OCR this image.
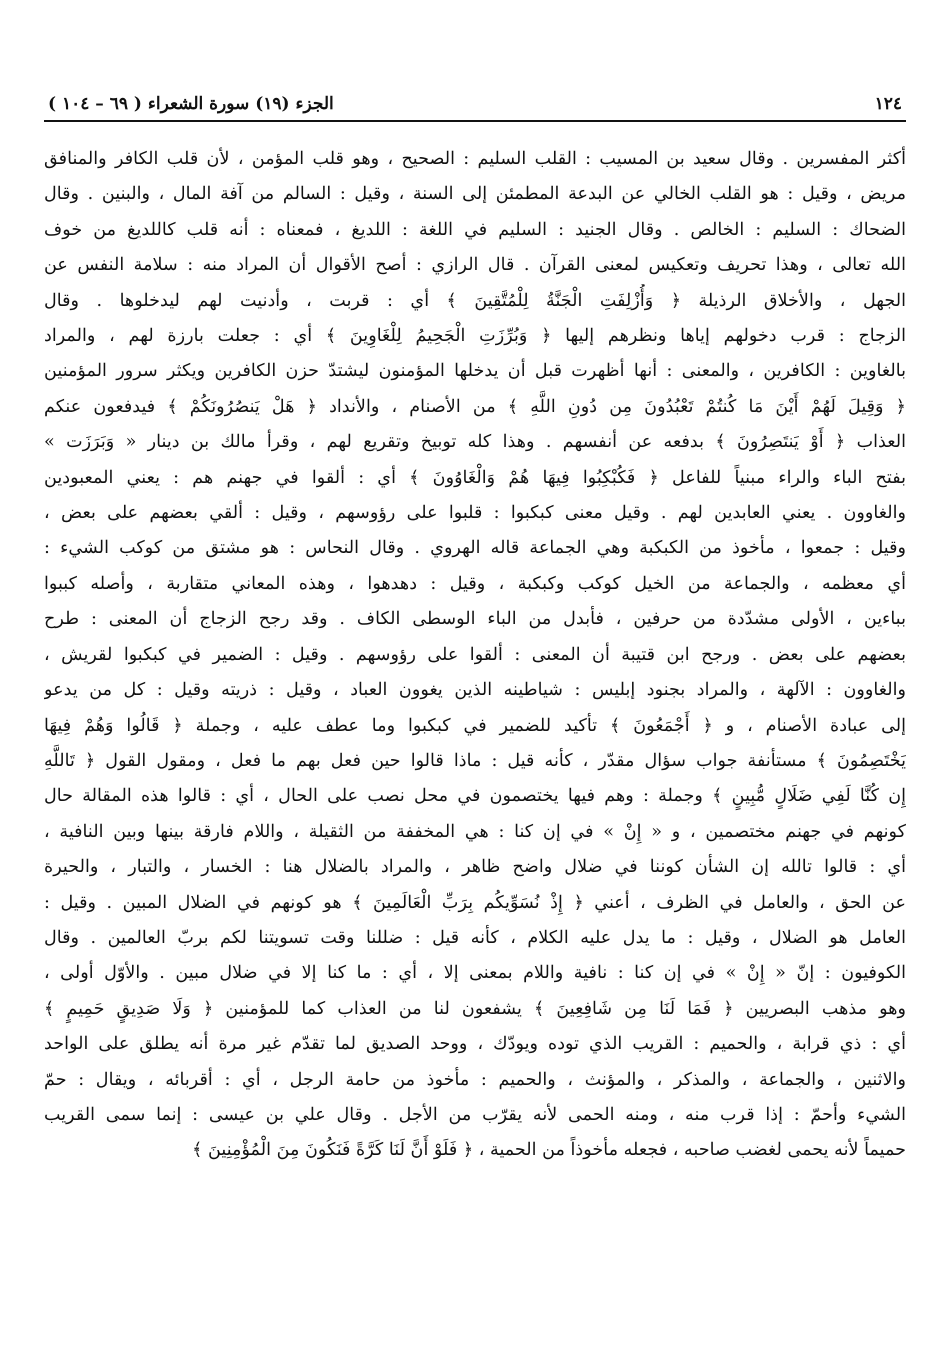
١٢٤
الجزء (١٩) سورة الشعراء ( ٦٩ – ١٠٤ )
أكثر المفسرين . وقال سعيد بن المسيب : القلب السليم : الصحيح ، وهو قلب المؤمن ، لأن قلب الكافر والمنافق
مريض ، وقيل : هو القلب الخالي عن البدعة المطمئن إلى السنة ، وقيل : السالم من آفة المال ، والبنين . وقال
الضحاك : السليم : الخالص . وقال الجنيد : السليم في اللغة : اللديغ ، فمعناه : أنه قلب كاللديغ من خوف
الله تعالى ، وهذا تحريف وتعكيس لمعنى القرآن . قال الرازي : أصح الأقوال أن المراد منه : سلامة النفس عن
الجهل ، والأخلاق الرذيلة ﴿ وَأُزْلِفَتِ الْجَنَّةُ لِلْمُتَّقِينَ ﴾ أي : قربت ، وأدنيت لهم ليدخلوها . وقال
الزجاج : قرب دخولهم إياها ونظرهم إليها ﴿ وَبُرِّزَتِ الْجَحِيمُ لِلْغَاوِينَ ﴾ أي : جعلت بارزة لهم ، والمراد
بالغاوين : الكافرين ، والمعنى : أنها أظهرت قبل أن يدخلها المؤمنون ليشتدّ حزن الكافرين ويكثر سرور المؤمنين
﴿ وَقِيلَ لَهُمْ أَيْنَ مَا كُنتُمْ تَعْبُدُونَ مِن دُونِ اللَّهِ ﴾ من الأصنام ، والأنداد ﴿ هَلْ يَنصُرُونَكُمْ ﴾ فيدفعون عنكم
العذاب ﴿ أَوْ يَنتَصِرُونَ ﴾ بدفعه عن أنفسهم . وهذا كله توبيخ وتقريع لهم ، وقرأ مالك بن دينار « وَبَرَزَت »
بفتح الباء والراء مبنياً للفاعل ﴿ فَكُبْكِبُوا فِيهَا هُمْ وَالْغَاوُونَ ﴾ أي : ألقوا في جهنم هم : يعني المعبودين
والغاوون . يعني العابدين لهم . وقيل معنى كبكبوا : قلبوا على رؤوسهم ، وقيل : ألقي بعضهم على بعض ،
وقيل : جمعوا ، مأخوذ من الكبكبة وهي الجماعة قاله الهروي . وقال النحاس : هو مشتق من كوكب الشيء :
أي معظمه ، والجماعة من الخيل كوكب وكبكبة ، وقيل : دهدهوا ، وهذه المعاني متقاربة ، وأصله كببوا
بباءين ، الأولى مشدّدة من حرفين ، فأبدل من الباء الوسطى الكاف . وقد رجح الزجاج أن المعنى : طرح
بعضهم على بعض . ورجح ابن قتيبة أن المعنى : ألقوا على رؤوسهم . وقيل : الضمير في كبكبوا لقريش ،
والغاوون : الآلهة ، والمراد بجنود إبليس : شياطينه الذين يغوون العباد ، وقيل : ذريته وقيل : كل من يدعو
إلى عبادة الأصنام ، و ﴿ أَجْمَعُونَ ﴾ تأكيد للضمير في كبكبوا وما عطف عليه ، وجملة ﴿ قَالُوا وَهُمْ فِيهَا
يَخْتَصِمُونَ ﴾ مستأنفة جواب سؤال مقدّر ، كأنه قيل : ماذا قالوا حين فعل بهم ما فعل ، ومقول القول ﴿ تَاللَّهِ
إِن كُنَّا لَفِي ضَلَالٍ مُّبِينٍ ﴾ وجملة : وهم فيها يختصمون في محل نصب على الحال ، أي : قالوا هذه المقالة حال
كونهم في جهنم مختصمين ، و « إِنْ » في إن كنا : هي المخففة من الثقيلة ، واللام فارقة بينها وبين النافية ،
أي : قالوا تالله إن الشأن كوننا في ضلال واضح ظاهر ، والمراد بالضلال هنا : الخسار ، والتبار ، والحيرة
عن الحق ، والعامل في الظرف ، أعني ﴿ إِذْ نُسَوِّيكُم بِرَبِّ الْعَالَمِينَ ﴾ هو كونهم في الضلال المبين . وقيل :
العامل هو الضلال ، وقيل : ما يدل عليه الكلام ، كأنه قيل : ضللنا وقت تسويتنا لكم بربّ العالمين . وقال
الكوفيون : إنّ « إِنْ » في إن كنا : نافية واللام بمعنى إلا ، أي : ما كنا إلا في ضلال مبين . والأوّل أولى ،
وهو مذهب البصريين ﴿ فَمَا لَنَا مِن شَافِعِينَ ﴾ يشفعون لنا من العذاب كما للمؤمنين ﴿ وَلَا صَدِيقٍ حَمِيمٍ ﴾
أي : ذي قرابة ، والحميم : القريب الذي توده ويودّك ، ووحد الصديق لما تقدّم غير مرة أنه يطلق على الواحد
والاثنين ، والجماعة ، والمذكر ، والمؤنث ، والحميم : مأخوذ من حامة الرجل ، أي : أقربائه ، ويقال : حمّ
الشيء وأحمّ : إذا قرب منه ، ومنه الحمى لأنه يقرّب من الأجل . وقال علي بن عيسى : إنما سمى القريب
حميماً لأنه يحمى لغضب صاحبه ، فجعله مأخوذاً من الحمية ، ﴿ فَلَوْ أَنَّ لَنَا كَرَّةً فَنَكُونَ مِنَ الْمُؤْمِنِينَ ﴾
